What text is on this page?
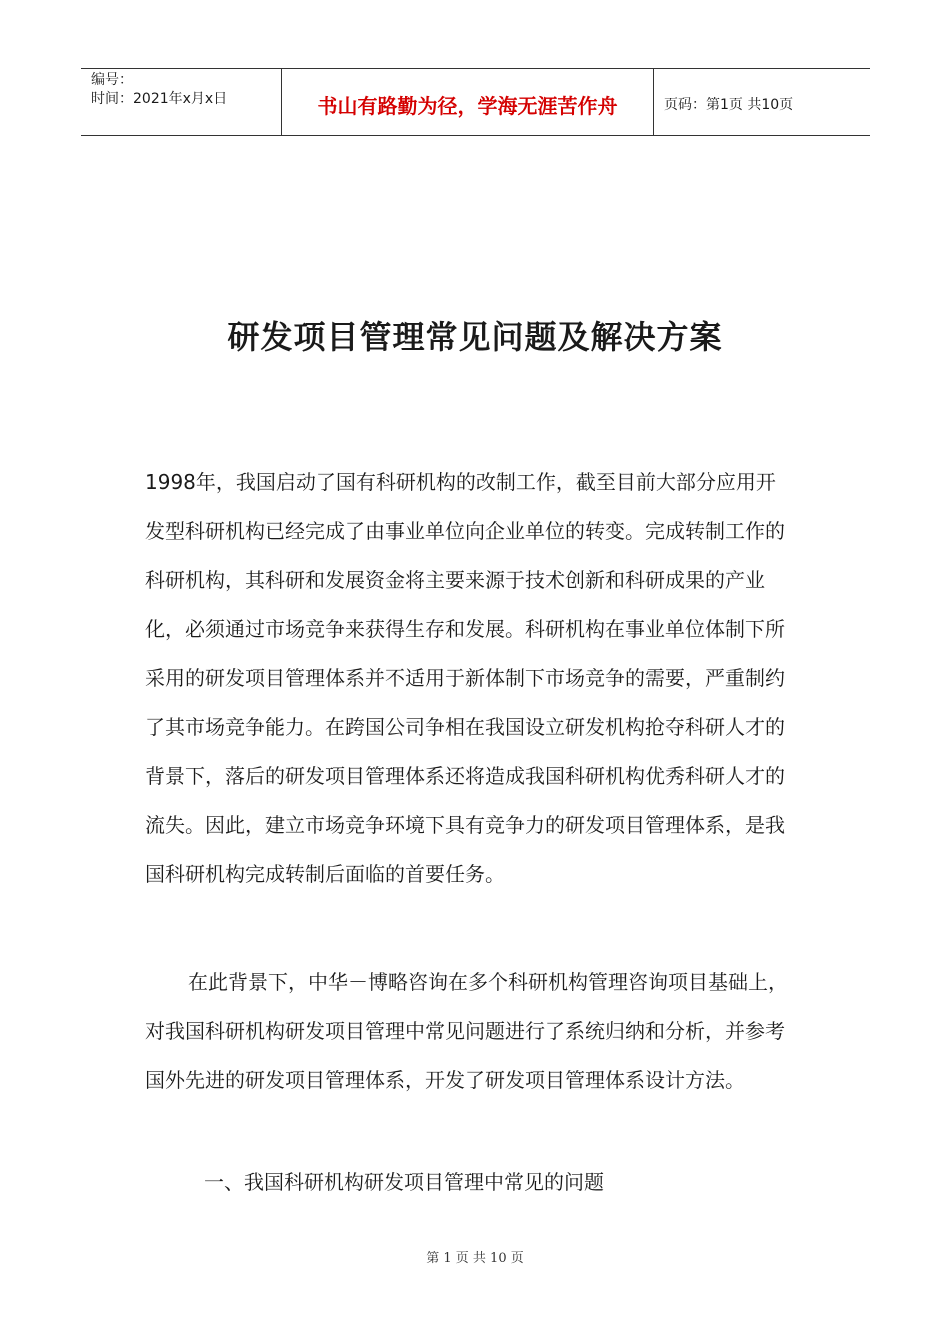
编号：
时间：2021年x月x日	书山有路勤为径，学海无涯苦作舟	页码：第1页 共10页
研发项目管理常见问题及解决方案
1998年，我国启动了国有科研机构的改制工作，截至目前大部分应用开发型科研机构已经完成了由事业单位向企业单位的转变。完成转制工作的科研机构，其科研和发展资金将主要来源于技术创新和科研成果的产业化，必须通过市场竞争来获得生存和发展。科研机构在事业单位体制下所采用的研发项目管理体系并不适用于新体制下市场竞争的需要，严重制约了其市场竞争能力。在跨国公司争相在我国设立研发机构抢夺科研人才的背景下，落后的研发项目管理体系还将造成我国科研机构优秀科研人才的流失。因此，建立市场竞争环境下具有竞争力的研发项目管理体系，是我国科研机构完成转制后面临的首要任务。
在此背景下，中华－博略咨询在多个科研机构管理咨询项目基础上，对我国科研机构研发项目管理中常见问题进行了系统归纳和分析，并参考国外先进的研发项目管理体系，开发了研发项目管理体系设计方法。
一、我国科研机构研发项目管理中常见的问题
第 1 页 共 10 页
